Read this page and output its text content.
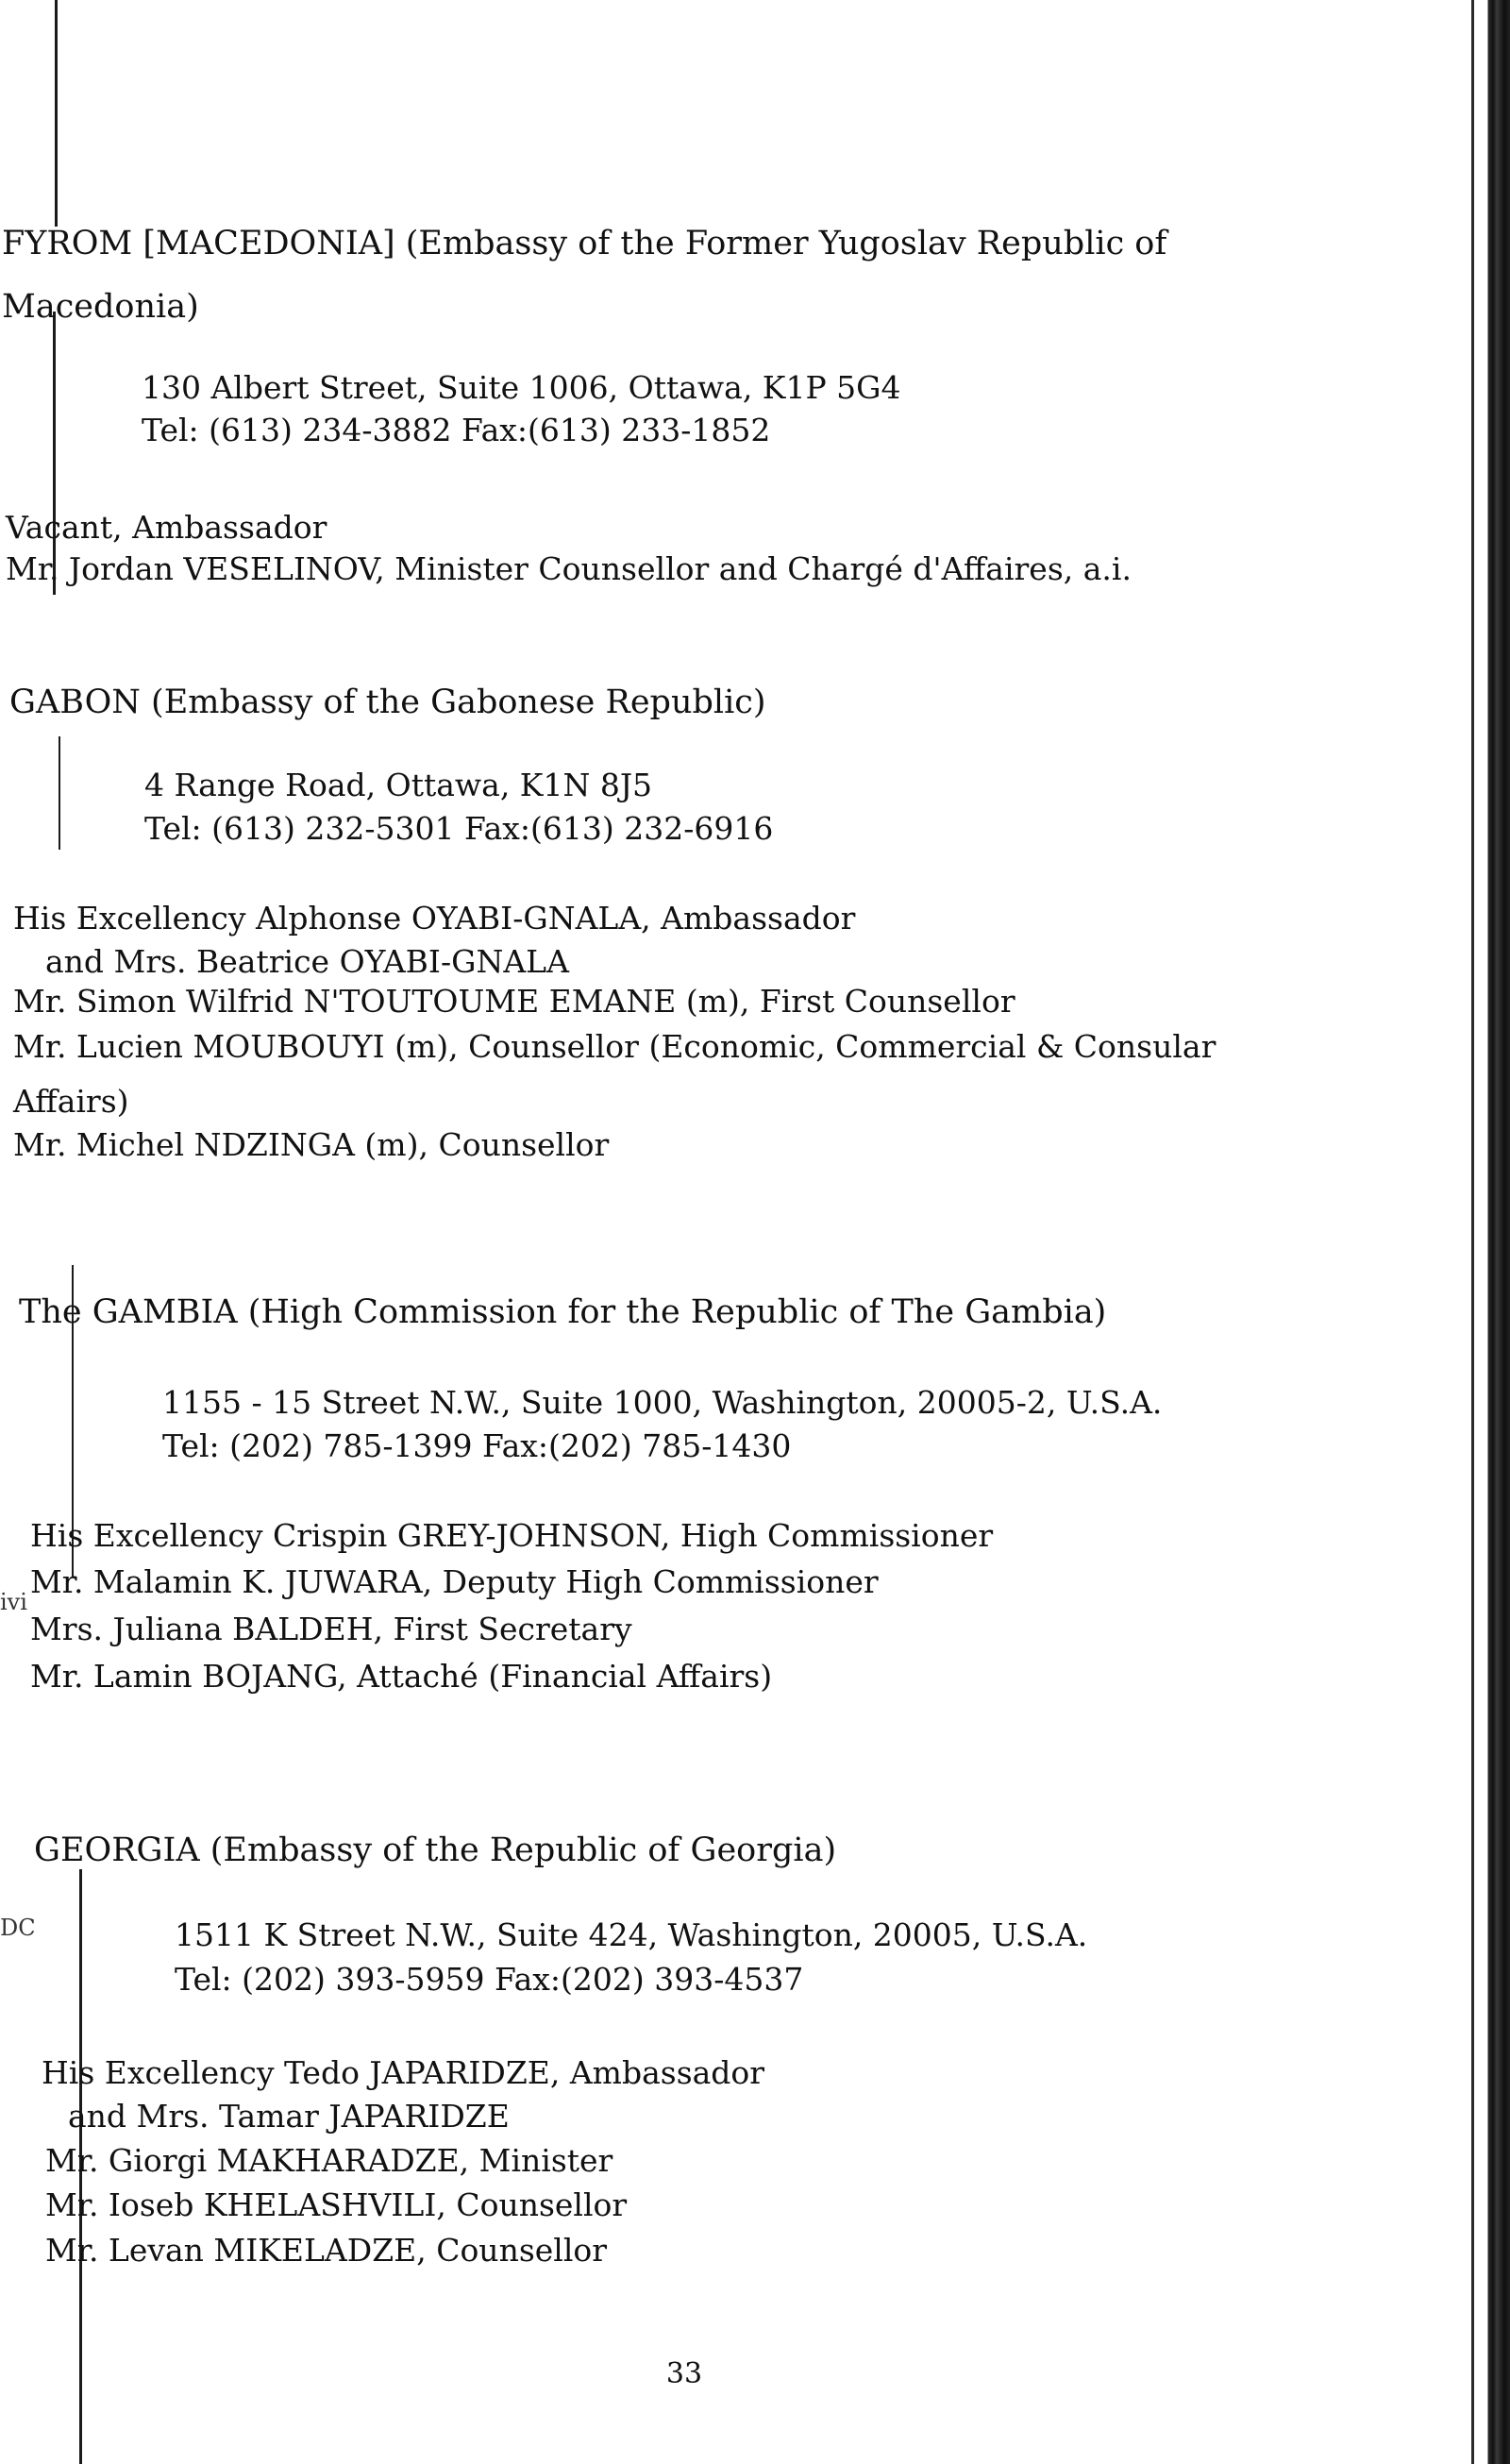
FYROM [MACEDONIA] (Embassy of the Former Yugoslav Republic of
Macedonia)
130 Albert Street, Suite 1006, Ottawa, K1P 5G4
Tel: (613) 234-3882 Fax:(613) 233-1852
Vacant, Ambassador
Mr. Jordan VESELINOV, Minister Counsellor and Chargé d'Affaires, a.i.
GABON (Embassy of the Gabonese Republic)
4 Range Road, Ottawa, K1N 8J5
Tel: (613) 232-5301 Fax:(613) 232-6916
His Excellency Alphonse OYABI-GNALA, Ambassador
and Mrs. Beatrice OYABI-GNALA
Mr. Simon Wilfrid N'TOUTOUME EMANE (m), First Counsellor
Mr. Lucien MOUBOUYI (m), Counsellor (Economic, Commercial & Consular
Affairs)
Mr. Michel NDZINGA (m), Counsellor
The GAMBIA (High Commission for the Republic of The Gambia)
1155 - 15 Street N.W., Suite 1000, Washington, 20005-2, U.S.A.
Tel: (202) 785-1399 Fax:(202) 785-1430
His Excellency Crispin GREY-JOHNSON, High Commissioner
ivi
Mr. Malamin K. JUWARA, Deputy High Commissioner
Mrs. Juliana BALDEH, First Secretary
Mr. Lamin BOJANG, Attaché (Financial Affairs)
GEORGIA (Embassy of the Republic of Georgia)
DC	1511 K Street N.W., Suite 424, Washington, 20005, U.S.A.
Tel: (202) 393-5959 Fax:(202) 393-4537
His Excellency Tedo JAPARIDZE, Ambassador
and Mrs. Tamar JAPARIDZE
Mr. Giorgi MAKHARADZE, Minister
Mr. Ioseb KHELASHVILI, Counsellor
Mr. Levan MIKELADZE, Counsellor
33
